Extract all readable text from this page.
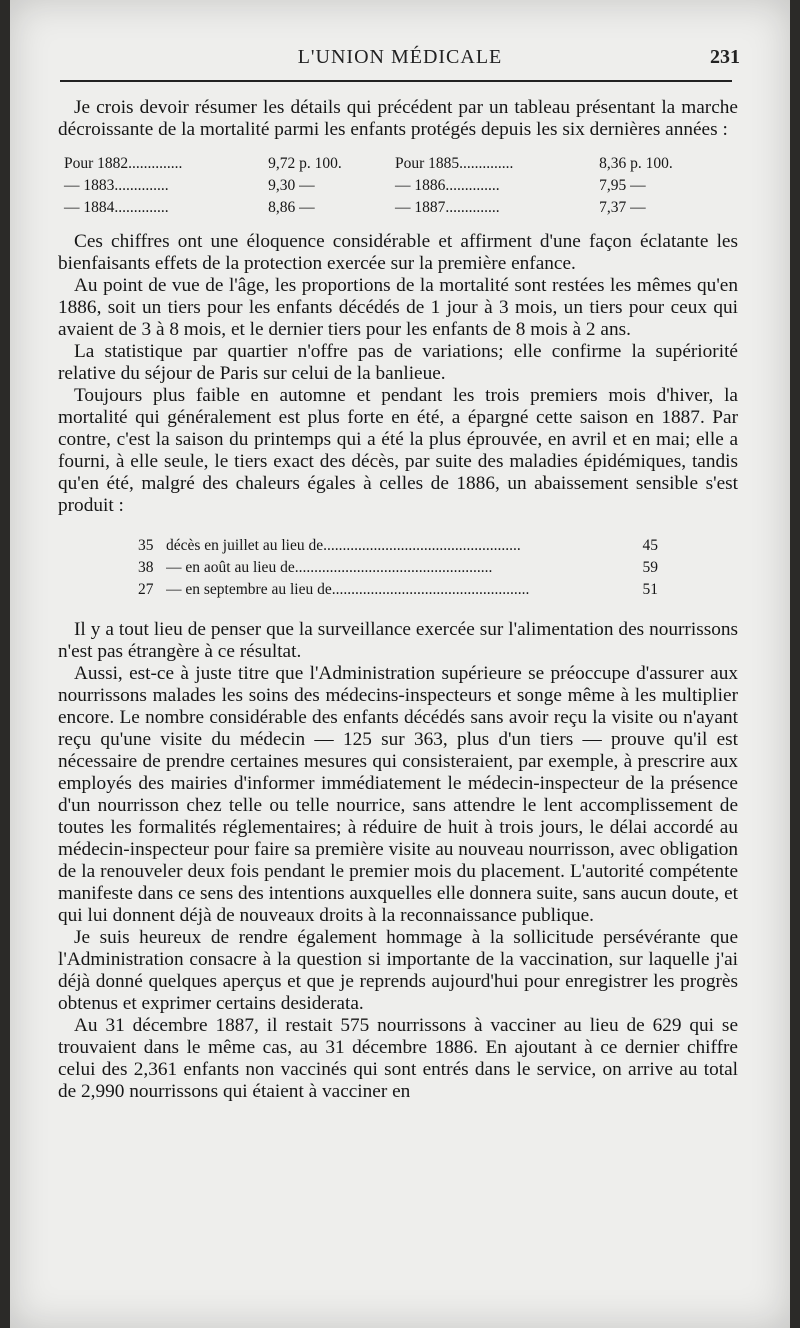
L'UNION MÉDICALE	231

Je crois devoir résumer les détails qui précédent par un tableau présentant la marche décroissante de la mortalité parmi les enfants protégés depuis les six dernières années :

Pour 1882..............	9,72 p. 100.	Pour 1885..............	8,36 p. 100.
— 1883..............	9,30 —	— 1886..............	7,95 —
— 1884..............	8,86 —	— 1887..............	7,37 —

Ces chiffres ont une éloquence considérable et affirment d'une façon éclatante les bienfaisants effets de la protection exercée sur la première enfance.

Au point de vue de l'âge, les proportions de la mortalité sont restées les mêmes qu'en 1886, soit un tiers pour les enfants décédés de 1 jour à 3 mois, un tiers pour ceux qui avaient de 3 à 8 mois, et le dernier tiers pour les enfants de 8 mois à 2 ans.

La statistique par quartier n'offre pas de variations; elle confirme la supériorité relative du séjour de Paris sur celui de la banlieue.

Toujours plus faible en automne et pendant les trois premiers mois d'hiver, la mortalité qui généralement est plus forte en été, a épargné cette saison en 1887. Par contre, c'est la saison du printemps qui a été la plus éprouvée, en avril et en mai; elle a fourni, à elle seule, le tiers exact des décès, par suite des maladies épidémiques, tandis qu'en été, malgré des chaleurs égales à celles de 1886, un abaissement sensible s'est produit :

35	décès en juillet au lieu de...................................................	45
38	— en août au lieu de...................................................	59
27	— en septembre au lieu de...................................................	51

Il y a tout lieu de penser que la surveillance exercée sur l'alimentation des nourrissons n'est pas étrangère à ce résultat.

Aussi, est-ce à juste titre que l'Administration supérieure se préoccupe d'assurer aux nourrissons malades les soins des médecins-inspecteurs et songe même à les multiplier encore. Le nombre considérable des enfants décédés sans avoir reçu la visite ou n'ayant reçu qu'une visite du médecin — 125 sur 363, plus d'un tiers — prouve qu'il est nécessaire de prendre certaines mesures qui consisteraient, par exemple, à prescrire aux employés des mairies d'informer immédiatement le médecin-inspecteur de la présence d'un nourrisson chez telle ou telle nourrice, sans attendre le lent accomplissement de toutes les formalités réglementaires; à réduire de huit à trois jours, le délai accordé au médecin-inspecteur pour faire sa première visite au nouveau nourrisson, avec obligation de la renouveler deux fois pendant le premier mois du placement. L'autorité compétente manifeste dans ce sens des intentions auxquelles elle donnera suite, sans aucun doute, et qui lui donnent déjà de nouveaux droits à la reconnaissance publique.

Je suis heureux de rendre également hommage à la sollicitude persévérante que l'Administration consacre à la question si importante de la vaccination, sur laquelle j'ai déjà donné quelques aperçus et que je reprends aujourd'hui pour enregistrer les progrès obtenus et exprimer certains desiderata.

Au 31 décembre 1887, il restait 575 nourrissons à vacciner au lieu de 629 qui se trouvaient dans le même cas, au 31 décembre 1886. En ajoutant à ce dernier chiffre celui des 2,361 enfants non vaccinés qui sont entrés dans le service, on arrive au total de 2,990 nourrissons qui étaient à vacciner en
